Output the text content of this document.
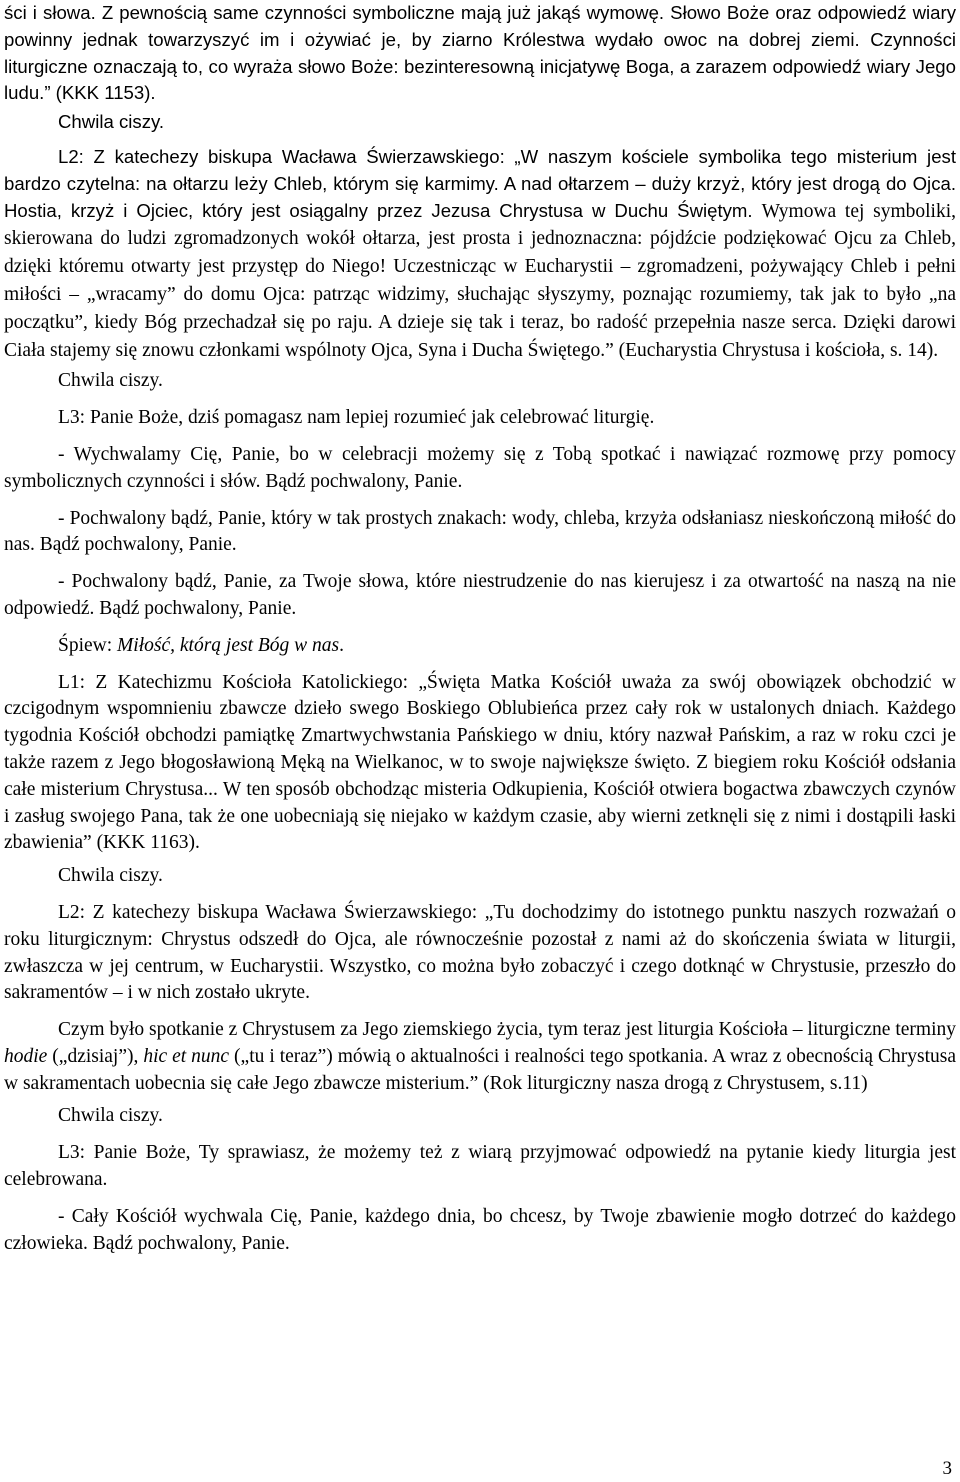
ści i słowa. Z pewnością same czynności symboliczne mają już jakąś wymowę. Słowo Boże oraz odpowiedź wiary powinny jednak towarzyszyć im i ożywiać je, by ziarno Królestwa wydało owoc na dobrej ziemi. Czynności liturgiczne oznaczają to, co wyraża słowo Boże: bezinteresowną inicjatywę Boga, a zarazem odpowiedź wiary Jego ludu.” (KKK 1153).

Chwila ciszy.

L2: Z katechezy biskupa Wacława Świerzawskiego: „W naszym kościele symbolika tego misterium jest bardzo czytelna: na ołtarzu leży Chleb, którym się karmimy. A nad ołtarzem – duży krzyż, który jest drogą do Ojca. Hostia, krzyż i Ojciec, który jest osiągalny przez Jezusa Chrystusa w Duchu Świętym. Wymowa tej symboliki, skierowana do ludzi zgromadzonych wokół ołtarza, jest prosta i jednoznaczna: pójdźcie podziękować Ojcu za Chleb, dzięki któremu otwarty jest przystęp do Niego! Uczestnicząc w Eucharystii – zgromadzeni, pożywający Chleb i pełni miłości – „wracamy” do domu Ojca: patrząc widzimy, słuchając słyszymy, poznając rozumiemy, tak jak to było „na początku”, kiedy Bóg przechadzał się po raju. A dzieje się tak i teraz, bo radość przepełnia nasze serca. Dzięki darowi Ciała stajemy się znowu członkami wspólnoty Ojca, Syna i Ducha Świętego.” (Eucharystia Chrystusa i kościoła, s. 14).

Chwila ciszy.

L3: Panie Boże, dziś pomagasz nam lepiej rozumieć jak celebrować liturgię.

- Wychwalamy Cię, Panie, bo w celebracji możemy się z Tobą spotkać i nawiązać rozmowę przy pomocy symbolicznych czynności i słów. Bądź pochwalony, Panie.

- Pochwalony bądź, Panie, który w tak prostych znakach: wody, chleba, krzyża odsłaniasz nieskończoną miłość do nas. Bądź pochwalony, Panie.

- Pochwalony bądź, Panie, za Twoje słowa, które niestrudzenie do nas kierujesz i za otwartość na naszą na nie odpowiedź. Bądź pochwalony, Panie.

Śpiew: Miłość, którą jest Bóg w nas.

L1: Z Katechizmu Kościoła Katolickiego: „Święta Matka Kościół uważa za swój obowiązek obchodzić w czcigodnym wspomnieniu zbawcze dzieło swego Boskiego Oblubieńca przez cały rok w ustalonych dniach. Każdego tygodnia Kościół obchodzi pamiątkę Zmartwychwstania Pańskiego w dniu, który nazwał Pańskim, a raz w roku czci je także razem z Jego błogosławioną Męką na Wielkanoc, w to swoje największe święto. Z biegiem roku Kościół odsłania całe misterium Chrystusa... W ten sposób obchodząc misteria Odkupienia, Kościół otwiera bogactwa zbawczych czynów i zasług swojego Pana, tak że one uobecniają się niejako w każdym czasie, aby wierni zetknęli się z nimi i dostąpili łaski zbawienia” (KKK 1163).

Chwila ciszy.

L2: Z katechezy biskupa Wacława Świerzawskiego: „Tu dochodzimy do istotnego punktu naszych rozważań o roku liturgicznym: Chrystus odszedł do Ojca, ale równocześnie pozostał z nami aż do skończenia świata w liturgii, zwłaszcza w jej centrum, w Eucharystii. Wszystko, co można było zobaczyć i czego dotknąć w Chrystusie, przeszło do sakramentów – i w nich zostało ukryte.

Czym było spotkanie z Chrystusem za Jego ziemskiego życia, tym teraz jest liturgia Kościoła – liturgiczne terminy hodie („dzisiaj”), hic et nunc („tu i teraz”) mówią o aktualności i realności tego spotkania. A wraz z obecnością Chrystusa w sakramentach uobecnia się całe Jego zbawcze misterium.” (Rok liturgiczny nasza drogą z Chrystusem, s.11)

Chwila ciszy.

L3: Panie Boże, Ty sprawiasz, że możemy też z wiarą przyjmować odpowiedź na pytanie kiedy liturgia jest celebrowana.

- Cały Kościół wychwala Cię, Panie, każdego dnia, bo chcesz, by Twoje zbawienie mogło dotrzeć do każdego człowieka. Bądź pochwalony, Panie.

3
